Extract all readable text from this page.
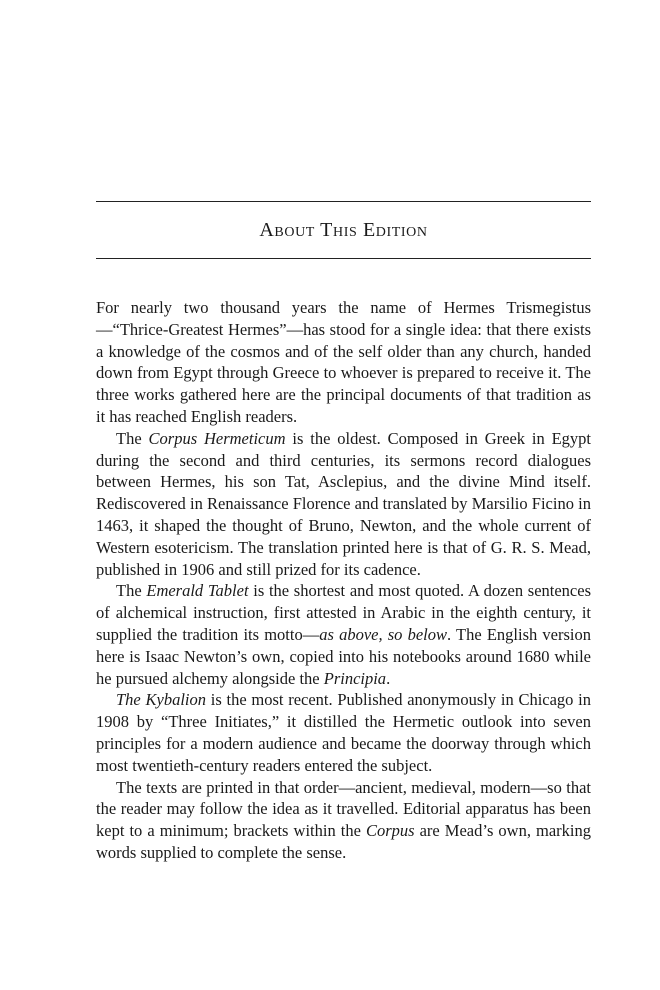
About This Edition

For nearly two thousand years the name of Hermes Trismegistus—“Thrice-Greatest Hermes”—has stood for a single idea: that there exists a knowledge of the cosmos and of the self older than any church, handed down from Egypt through Greece to whoever is prepared to receive it. The three works gathered here are the principal documents of that tradition as it has reached English readers.

The Corpus Hermeticum is the oldest. Composed in Greek in Egypt during the second and third centuries, its sermons record dialogues between Hermes, his son Tat, Asclepius, and the divine Mind itself. Rediscovered in Renaissance Florence and translated by Marsilio Ficino in 1463, it shaped the thought of Bruno, Newton, and the whole current of Western esotericism. The translation printed here is that of G. R. S. Mead, published in 1906 and still prized for its cadence.

The Emerald Tablet is the shortest and most quoted. A dozen sentences of alchemical instruction, first attested in Arabic in the eighth century, it supplied the tradition its motto—as above, so below. The English version here is Isaac Newton’s own, copied into his notebooks around 1680 while he pursued alchemy alongside the Principia.

The Kybalion is the most recent. Published anonymously in Chicago in 1908 by “Three Initiates,” it distilled the Hermetic outlook into seven principles for a modern audience and became the doorway through which most twentieth-century readers entered the subject.

The texts are printed in that order—ancient, medieval, modern—so that the reader may follow the idea as it travelled. Editorial apparatus has been kept to a minimum; brackets within the Corpus are Mead’s own, marking words supplied to complete the sense.
